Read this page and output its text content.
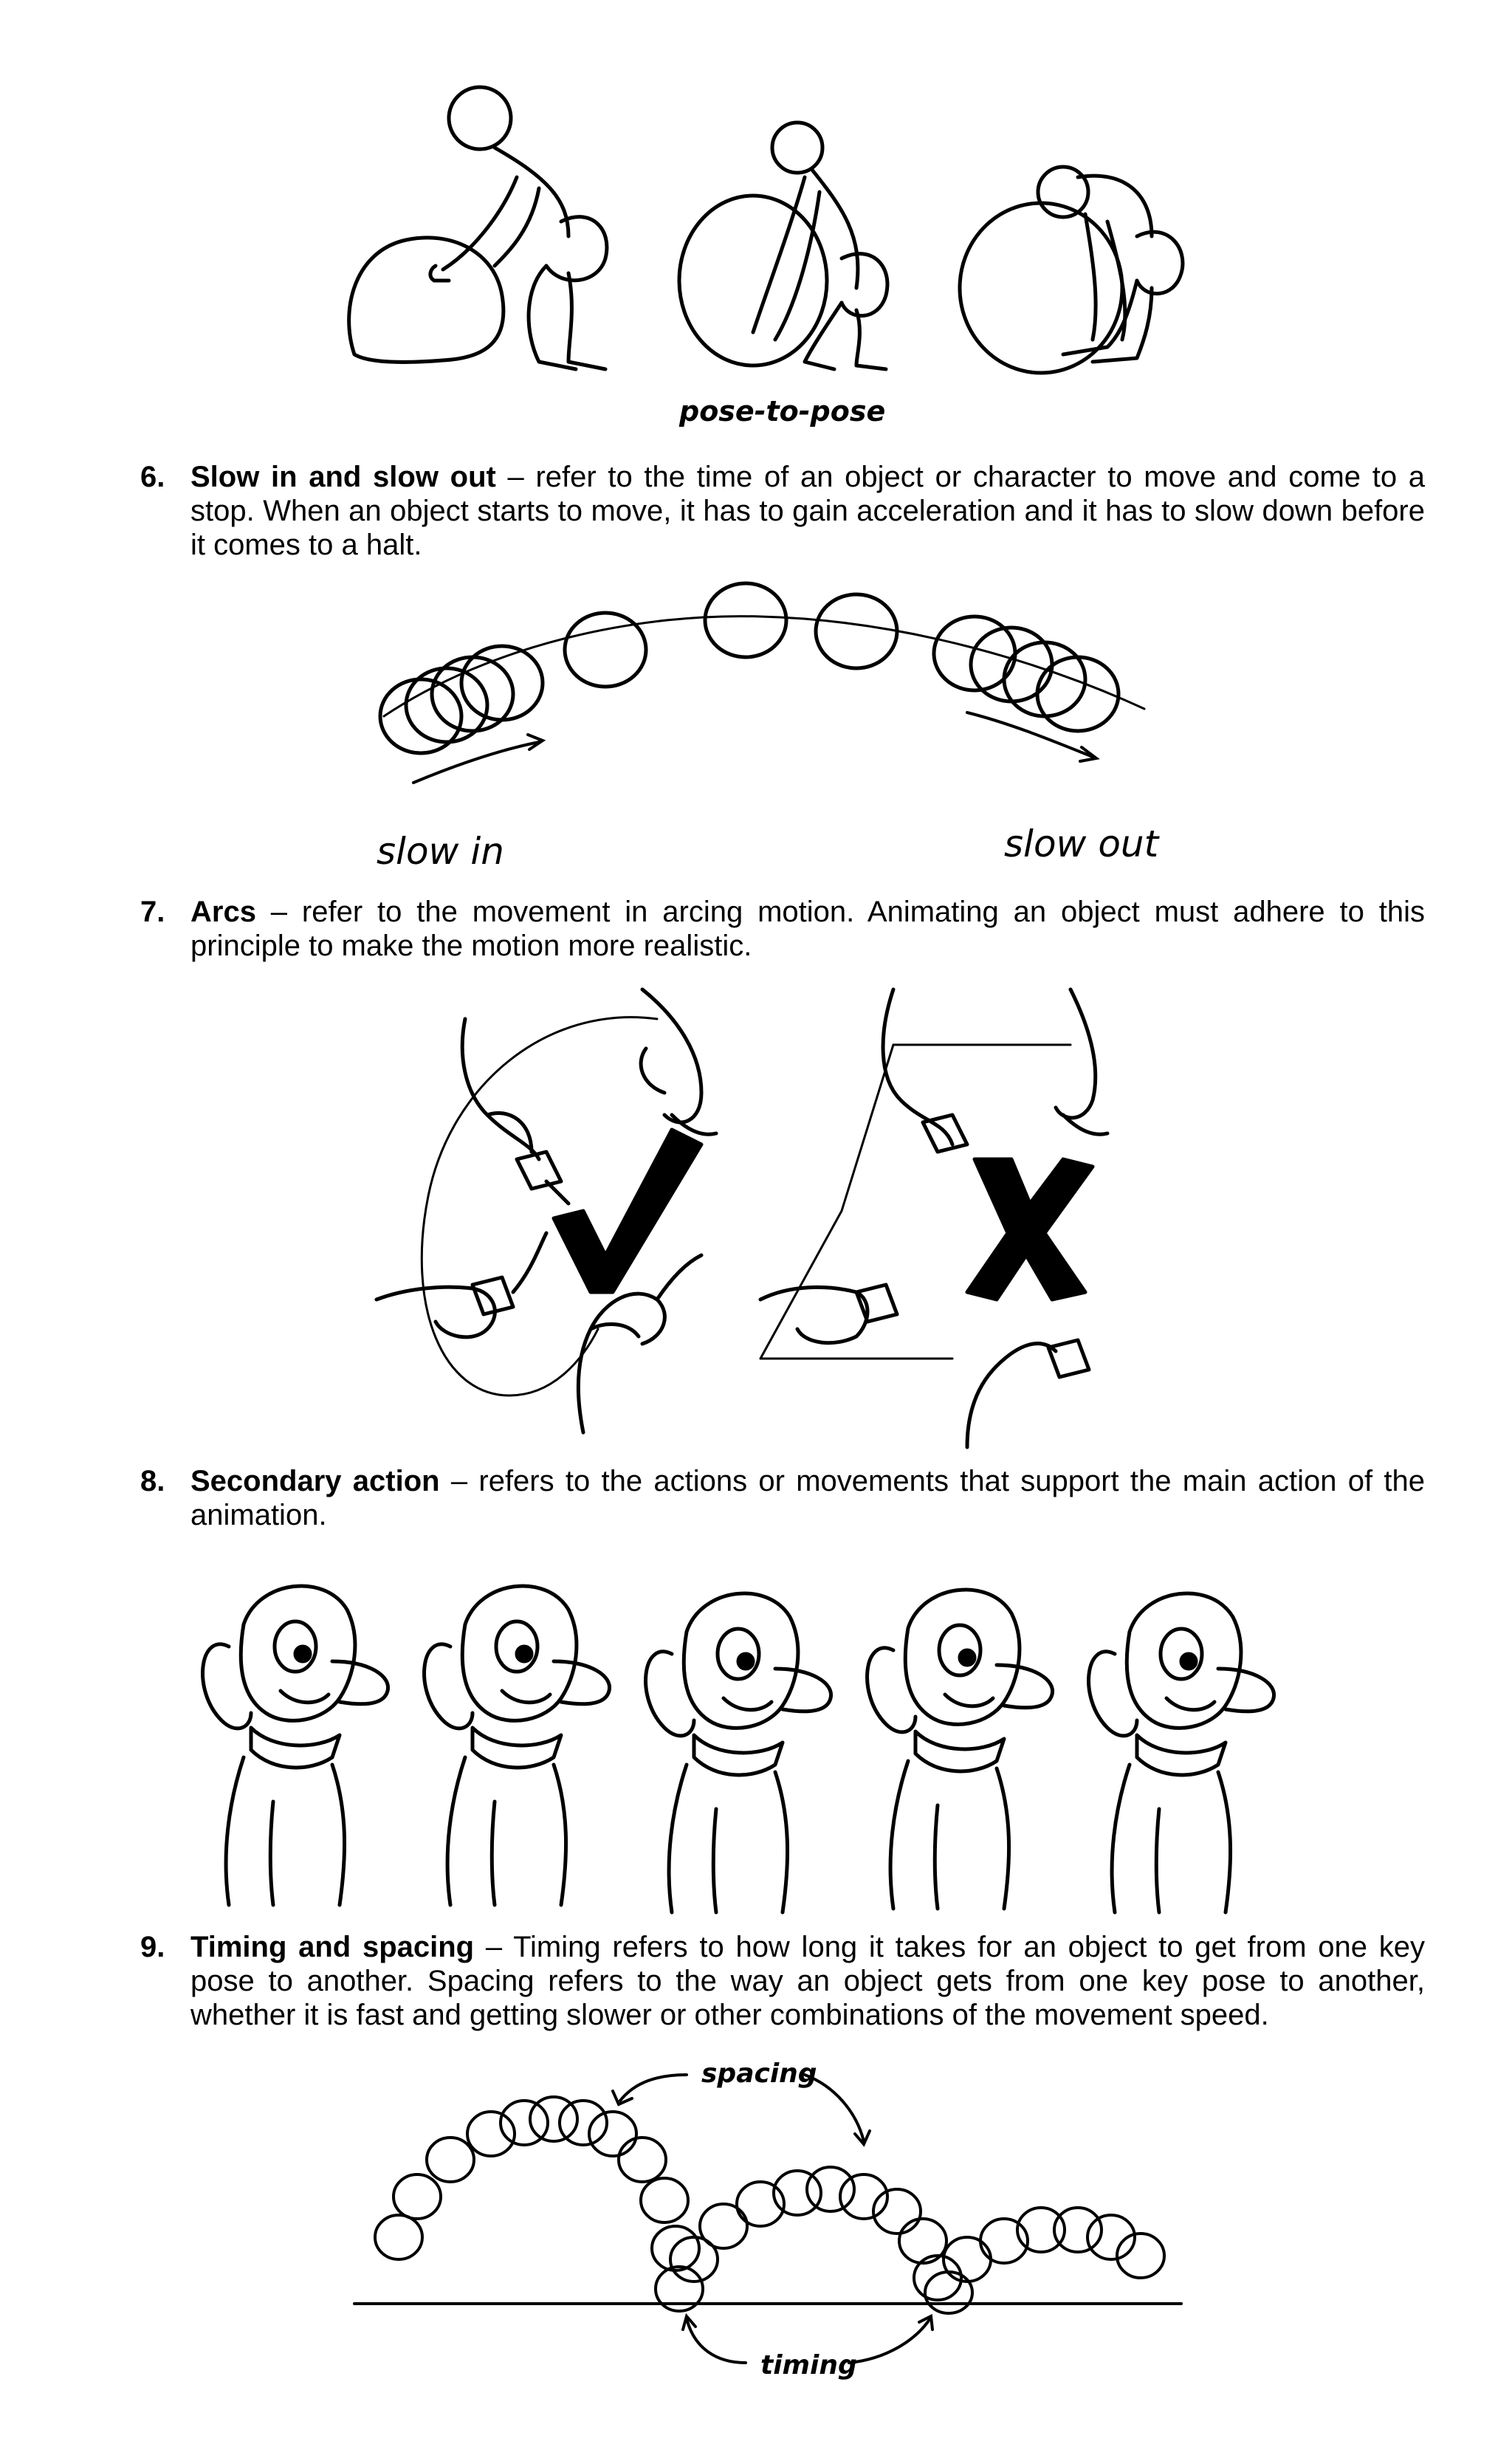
pose-to-pose
6. Slow in and slow out – refer to the time of an object or character to move and come to a stop. When an object starts to move, it has to gain acceleration and it has to slow down before it comes to a halt.
slow in	slow out
7. Arcs – refer to the movement in arcing motion. Animating an object must adhere to this principle to make the motion more realistic.
8. Secondary action – refers to the actions or movements that support the main action of the animation.
9. Timing and spacing – Timing refers to how long it takes for an object to get from one key pose to another. Spacing refers to the way an object gets from one key pose to another, whether it is fast and getting slower or other combinations of the movement speed.
spacing
timing
